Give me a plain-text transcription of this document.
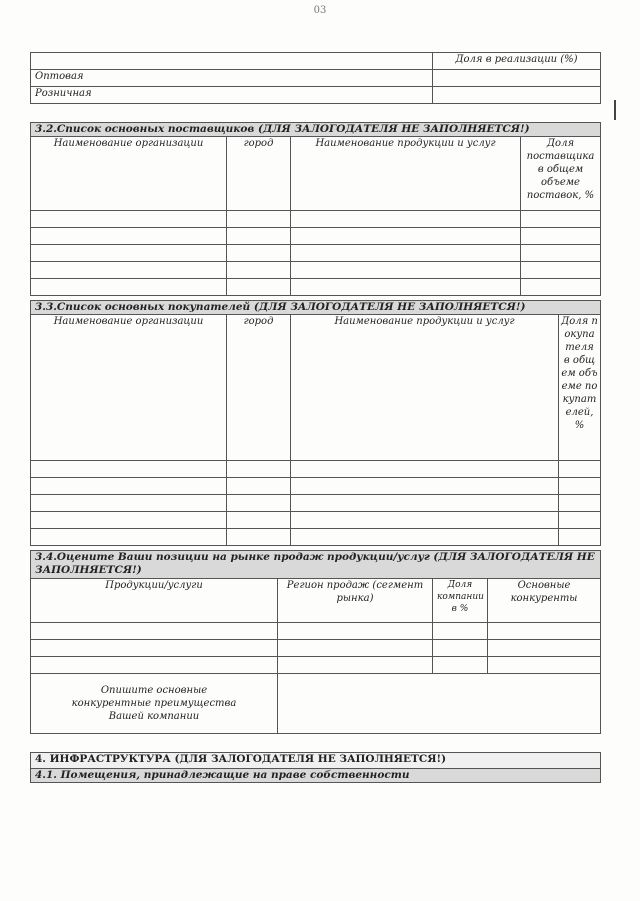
03
	Доля в реализации (%)
Оптовая	
Розничная	
3.2.Список основных поставщиков (ДЛЯ ЗАЛОГОДАТЕЛЯ НЕ ЗАПОЛНЯЕТСЯ!)			
Наименование организации	город	Наименование продукции и услуг	Доля поставщика в общем объеме поставок, %

3.3.Список основных покупателей (ДЛЯ ЗАЛОГОДАТЕЛЯ НЕ ЗАПОЛНЯЕТСЯ!)			
Наименование организации	город	Наименование продукции и услуг	Доля покупателя в общем объеме покупателей, %

3.4.Оцените Ваши позиции на рынке продаж продукции/услуг (ДЛЯ ЗАЛОГОДАТЕЛЯ НЕ ЗАПОЛНЯЕТСЯ!)			
Продукции/услуги	Регион продаж (сегмент рынка)	Доля компании в %	Основные конкуренты

Опишите основные конкурентные преимущества Вашей компании			
4. ИНФРАСТРУКТУРА (ДЛЯ ЗАЛОГОДАТЕЛЯ НЕ ЗАПОЛНЯЕТСЯ!)
4.1. Помещения, принадлежащие на праве собственности
